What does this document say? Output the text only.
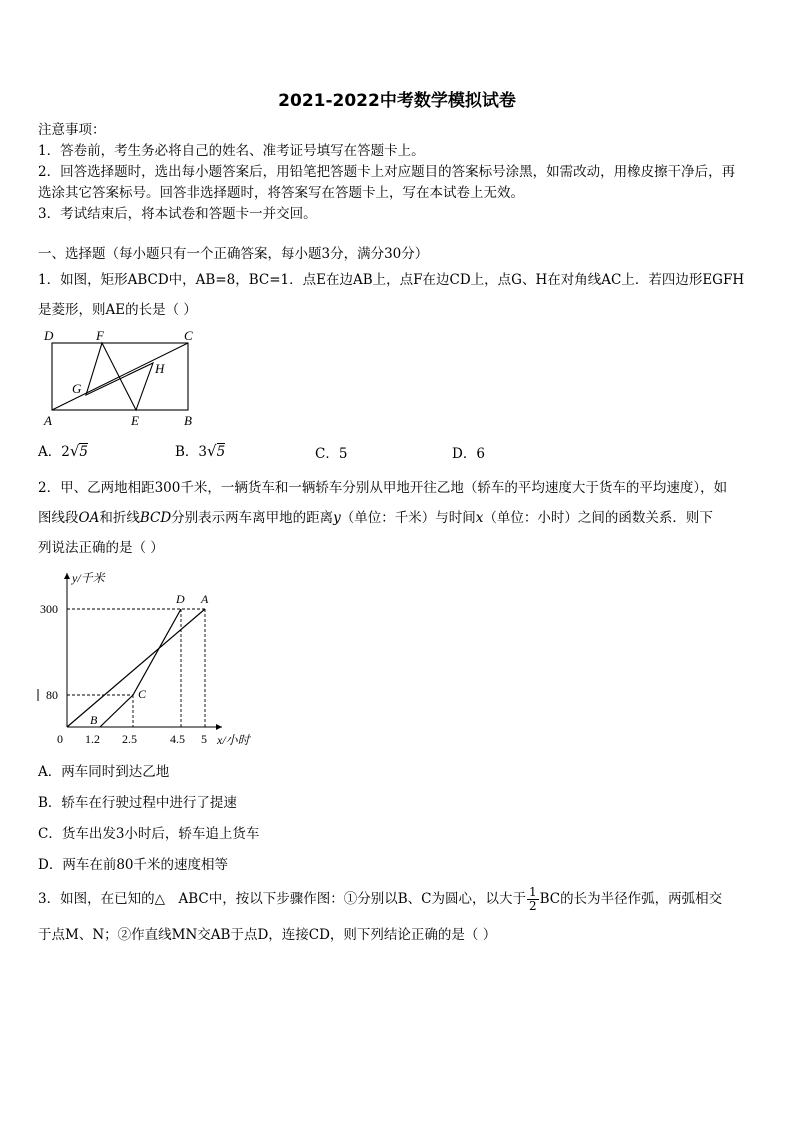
2021-2022中考数学模拟试卷
注意事项：
1．答卷前，考生务必将自己的姓名、准考证号填写在答题卡上。
2．回答选择题时，选出每小题答案后，用铅笔把答题卡上对应题目的答案标号涂黑，如需改动，用橡皮擦干净后，再
选涂其它答案标号。回答非选择题时，将答案写在答题卡上，写在本试卷上无效。
3．考试结束后，将本试卷和答题卡一并交回。
一、选择题（每小题只有一个正确答案，每小题3分，满分30分）
1．如图，矩形ABCD中，AB=8，BC=1．点E在边AB上，点F在边CD上，点G、H在对角线AC上．若四边形EGFH
是菱形，则AE的长是（ ）
D	F	C
G
H
A	E	B
A．2√5	B．3√5	C．5	D．6
2．甲、乙两地相距300千米，一辆货车和一辆轿车分别从甲地开往乙地（轿车的平均速度大于货车的平均速度），如
图线段OA和折线BCD分别表示两车离甲地的距离y（单位：千米）与时间x（单位：小时）之间的函数关系．则下
列说法正确的是（ ）
y/千米
x/小时
300
80
0 1.2 2.5	4.5 5
A
B
C
D
A．两车同时到达乙地
B．轿车在行驶过程中进行了提速
C．货车出发3小时后，轿车追上货车
D．两车在前80千米的速度相等
3．如图，在已知的△　ABC中，按以下步骤作图：①分别以B、C为圆心，以大于 $\frac{1}{2}$ BC的长为半径作弧，两弧相交
于点M、N；②作直线MN交AB于点D，连接CD，则下列结论正确的是（ ）
